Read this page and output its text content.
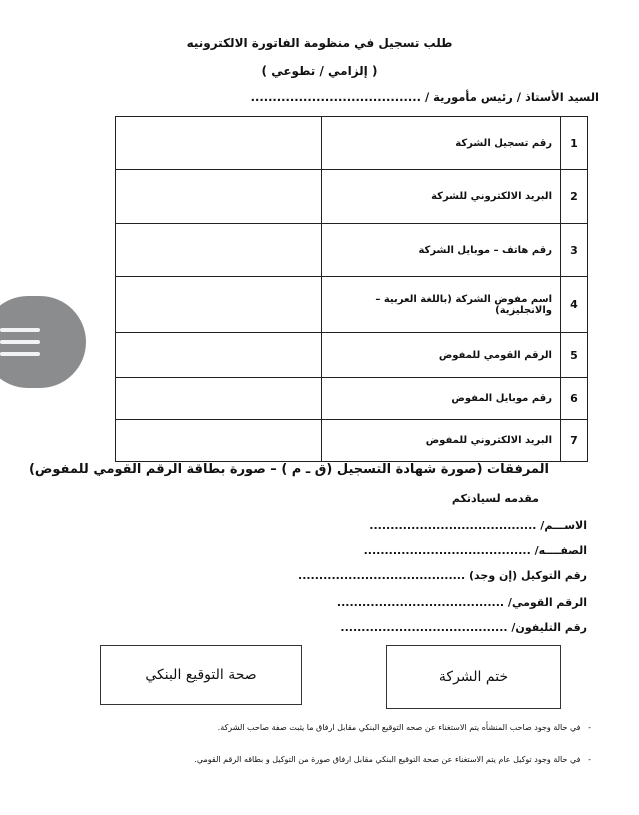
طلب تسجيل في منظومة الفاتورة الالكترونيه
( إلزامي / تطوعي )
السيد الأستاذ / رئيس مأمورية / .......................................
1	رقم تسجيل الشركة	
2	البريد الالكتروني للشركة	
3	رقم هاتف – موبايل الشركة	
4	اسم مفوض الشركة (باللغة العربية – والانجليزية)	
5	الرقم القومي للمفوض	
6	رقم موبايل المفوض	
7	البريد الالكتروني للمفوض	
المرفقات (صورة شهادة التسجيل (ق ـ م ) – صورة بطاقة الرقم القومي للمفوض)
مقدمه لسيادتكم
الاســـم/ ........................................
الصفــــه/ ........................................
رقم التوكيل (إن وجد) ........................................
الرقم القومي/ ........................................
رقم التليفون/ ........................................
صحة التوقيع البنكي	ختم الشركة
-   في حالة وجود صاحب المنشأه يتم الاستغناء عن صحه التوقيع البنكي مقابل ارفاق ما يثبت صفة صاحب الشركة.
-   في حالة وجود توكيل عام يتم الاستغناء عن صحة التوقيع البنكي مقابل ارفاق صورة من التوكيل و بطاقه الرقم القومي.
